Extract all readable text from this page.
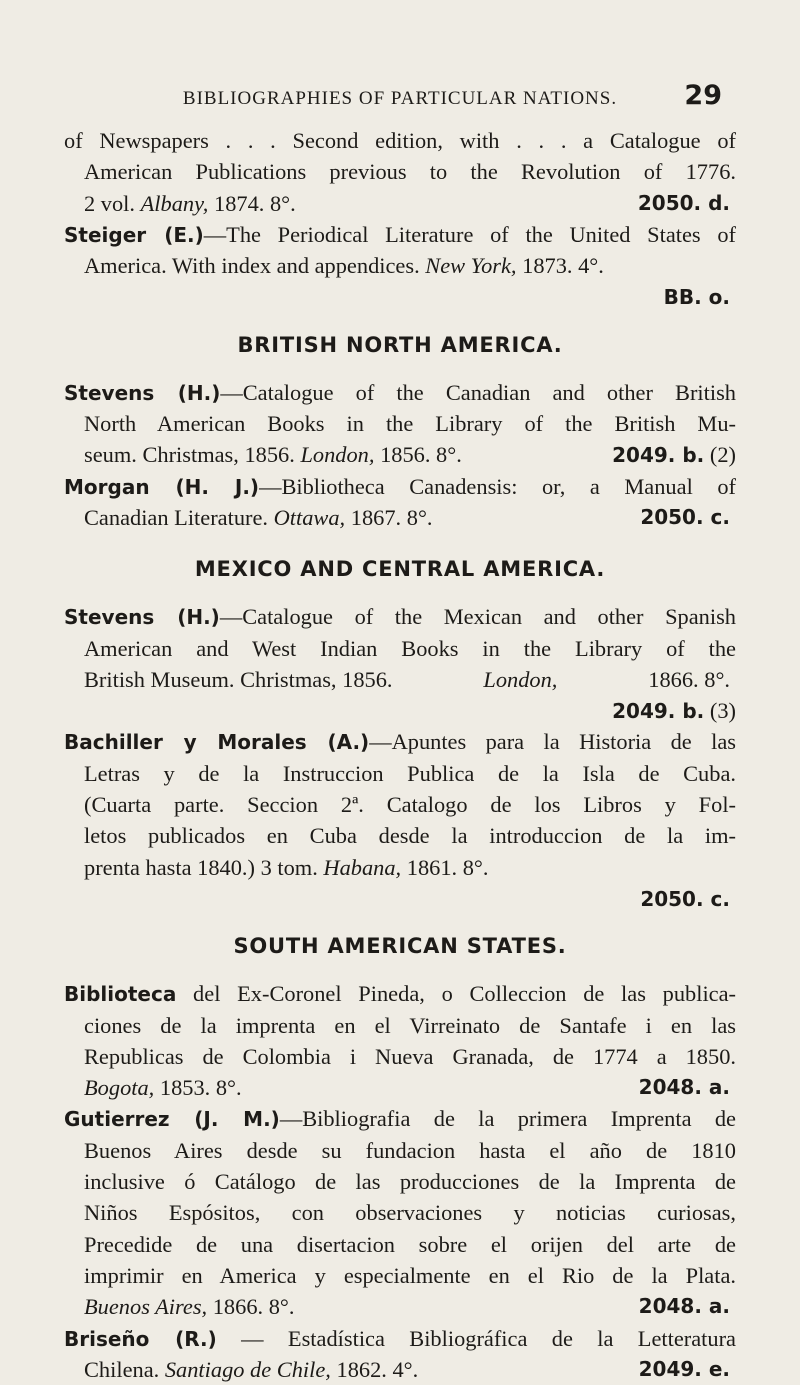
BIBLIOGRAPHIES OF PARTICULAR NATIONS.	29
of Newspapers . . . Second edition, with . . . a Catalogue of
American Publications previous to the Revolution of 1776.
2 vol. Albany, 1874. 8°.	2050. d.
Steiger (E.)—The Periodical Literature of the United States of
America. With index and appendices. New York, 1873. 4°.
BB. o.
BRITISH NORTH AMERICA.
Stevens (H.)—Catalogue of the Canadian and other British
North American Books in the Library of the British Mu-
seum. Christmas, 1856. London, 1856. 8°.	2049. b. (2)
Morgan (H. J.)—Bibliotheca Canadensis: or, a Manual of
Canadian Literature. Ottawa, 1867. 8°.	2050. c.
MEXICO AND CENTRAL AMERICA.
Stevens (H.)—Catalogue of the Mexican and other Spanish
American and West Indian Books in the Library of the
British Museum. Christmas, 1856.	London,	1866. 8°.
2049. b. (3)
Bachiller y Morales (A.)—Apuntes para la Historia de las
Letras y de la Instruccion Publica de la Isla de Cuba.
(Cuarta parte. Seccion 2ª. Catalogo de los Libros y Fol-
letos publicados en Cuba desde la introduccion de la im-
prenta hasta 1840.) 3 tom. Habana, 1861. 8°.
2050. c.
SOUTH AMERICAN STATES.
Biblioteca del Ex-Coronel Pineda, o Colleccion de las publica-
ciones de la imprenta en el Virreinato de Santafe i en las
Republicas de Colombia i Nueva Granada, de 1774 a 1850.
Bogota, 1853. 8°.	2048. a.
Gutierrez (J. M.)—Bibliografia de la primera Imprenta de
Buenos Aires desde su fundacion hasta el año de 1810
inclusive ó Catálogo de las producciones de la Imprenta de
Niños Espósitos, con observaciones y noticias curiosas,
Precedide de una disertacion sobre el orijen del arte de
imprimir en America y especialmente en el Rio de la Plata.
Buenos Aires, 1866. 8°.	2048. a.
Briseño (R.) — Estadística Bibliográfica de la Letteratura
Chilena. Santiago de Chile, 1862. 4°.	2049. e.
